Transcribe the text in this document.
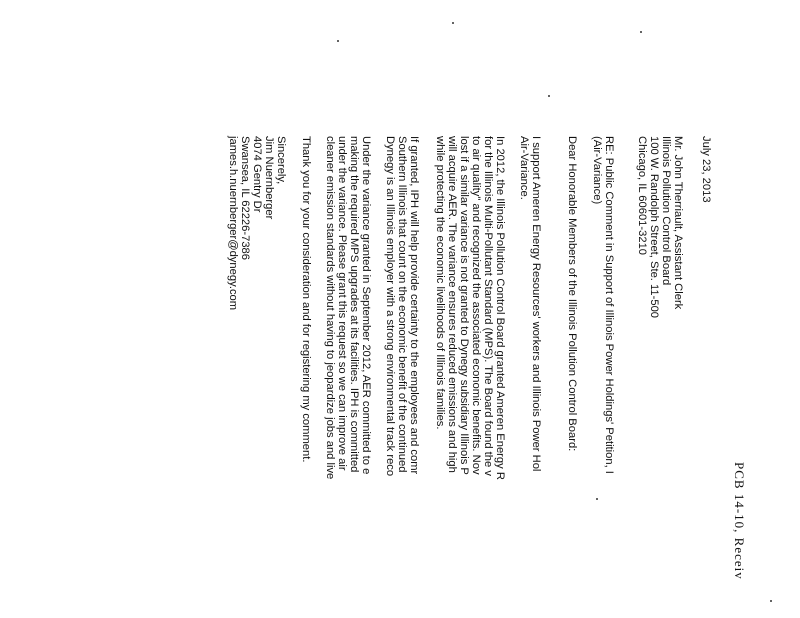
PCB 14-10, Receiv
July 23, 2013
Mr. John Therriault, Assistant Clerk
Illinois Pollution Control Board
100 W. Randolph Street, Ste. 11-500
Chicago, IL 60601-3210
RE: Public Comment in Support of Illinois Power Holdings' Petition, I
(Air-Variance)
Dear Honorable Members of the Illinois Pollution Control Board:
I support Ameren Energy Resources' workers and Illinois Power Hol
Air-Variance.
In 2012, the Illinois Pollution Control Board granted Ameren Energy R
for the Illinois Multi-Pollutant Standard (MPS). The Board found the v
to air quality" and recognized the associated economic benefits. Nov
lost if a similar variance is not granted to Dynegy subsidiary Illinois P
will acquire AER. The variance ensures reduced emissions and high
while protecting the economic livelihoods of Illinois families.
If granted, IPH will help provide certainty to the employees and comr
Southern Illinois that count on the economic benefit of the continued
Dynegy is an Illinois employer with a strong environmental track reco
Under the variance granted in September 2012, AER committed to e
making the required MPS upgrades at its facilities. IPH is committed
under the variance. Please grant this request so we can improve air
cleaner emission standards without having to jeopardize jobs and live
Thank you for your consideration and for registering my comment.
Sincerely,
Jim Nuernberger
4074 Gentry Dr
Swansea, IL 62226-7386
james.h.nuernberger@dynegy.com
